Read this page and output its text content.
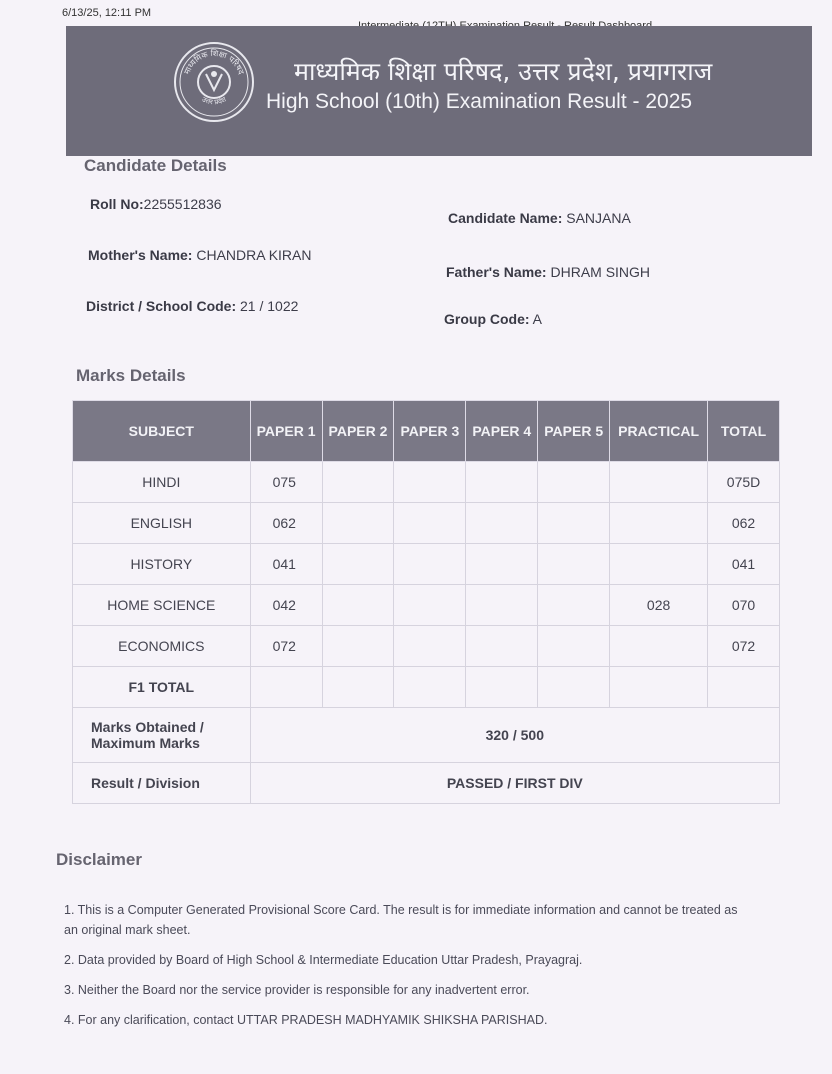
6/13/25, 12:11 PM
माध्यमिक शिक्षा परिषद
उत्तर प्रदेश
माध्यमिक शिक्षा परिषद, उत्तर प्रदेश, प्रयागराज
High School (10th) Examination Result - 2025
Candidate Details
Roll No:2255512836
Candidate Name: SANJANA
Mother's Name: CHANDRA KIRAN
Father's Name: DHRAM SINGH
District / School Code: 21 / 1022
Group Code: A
Marks Details
SUBJECT	PAPER 1	PAPER 2	PAPER 3	PAPER 4	PAPER 5	PRACTICAL	TOTAL
HINDI	075						075D
ENGLISH	062						062
HISTORY	041						041
HOME SCIENCE	042					028	070
ECONOMICS	072						072
F1 TOTAL							
Marks Obtained / Maximum Marks	320 / 500						
Result / Division	PASSED / FIRST DIV						
Disclaimer
1. This is a Computer Generated Provisional Score Card. The result is for immediate information and cannot be treated as an original mark sheet.
2. Data provided by Board of High School & Intermediate Education Uttar Pradesh, Prayagraj.
3. Neither the Board nor the service provider is responsible for any inadvertent error.
4. For any clarification, contact UTTAR PRADESH MADHYAMIK SHIKSHA PARISHAD.
